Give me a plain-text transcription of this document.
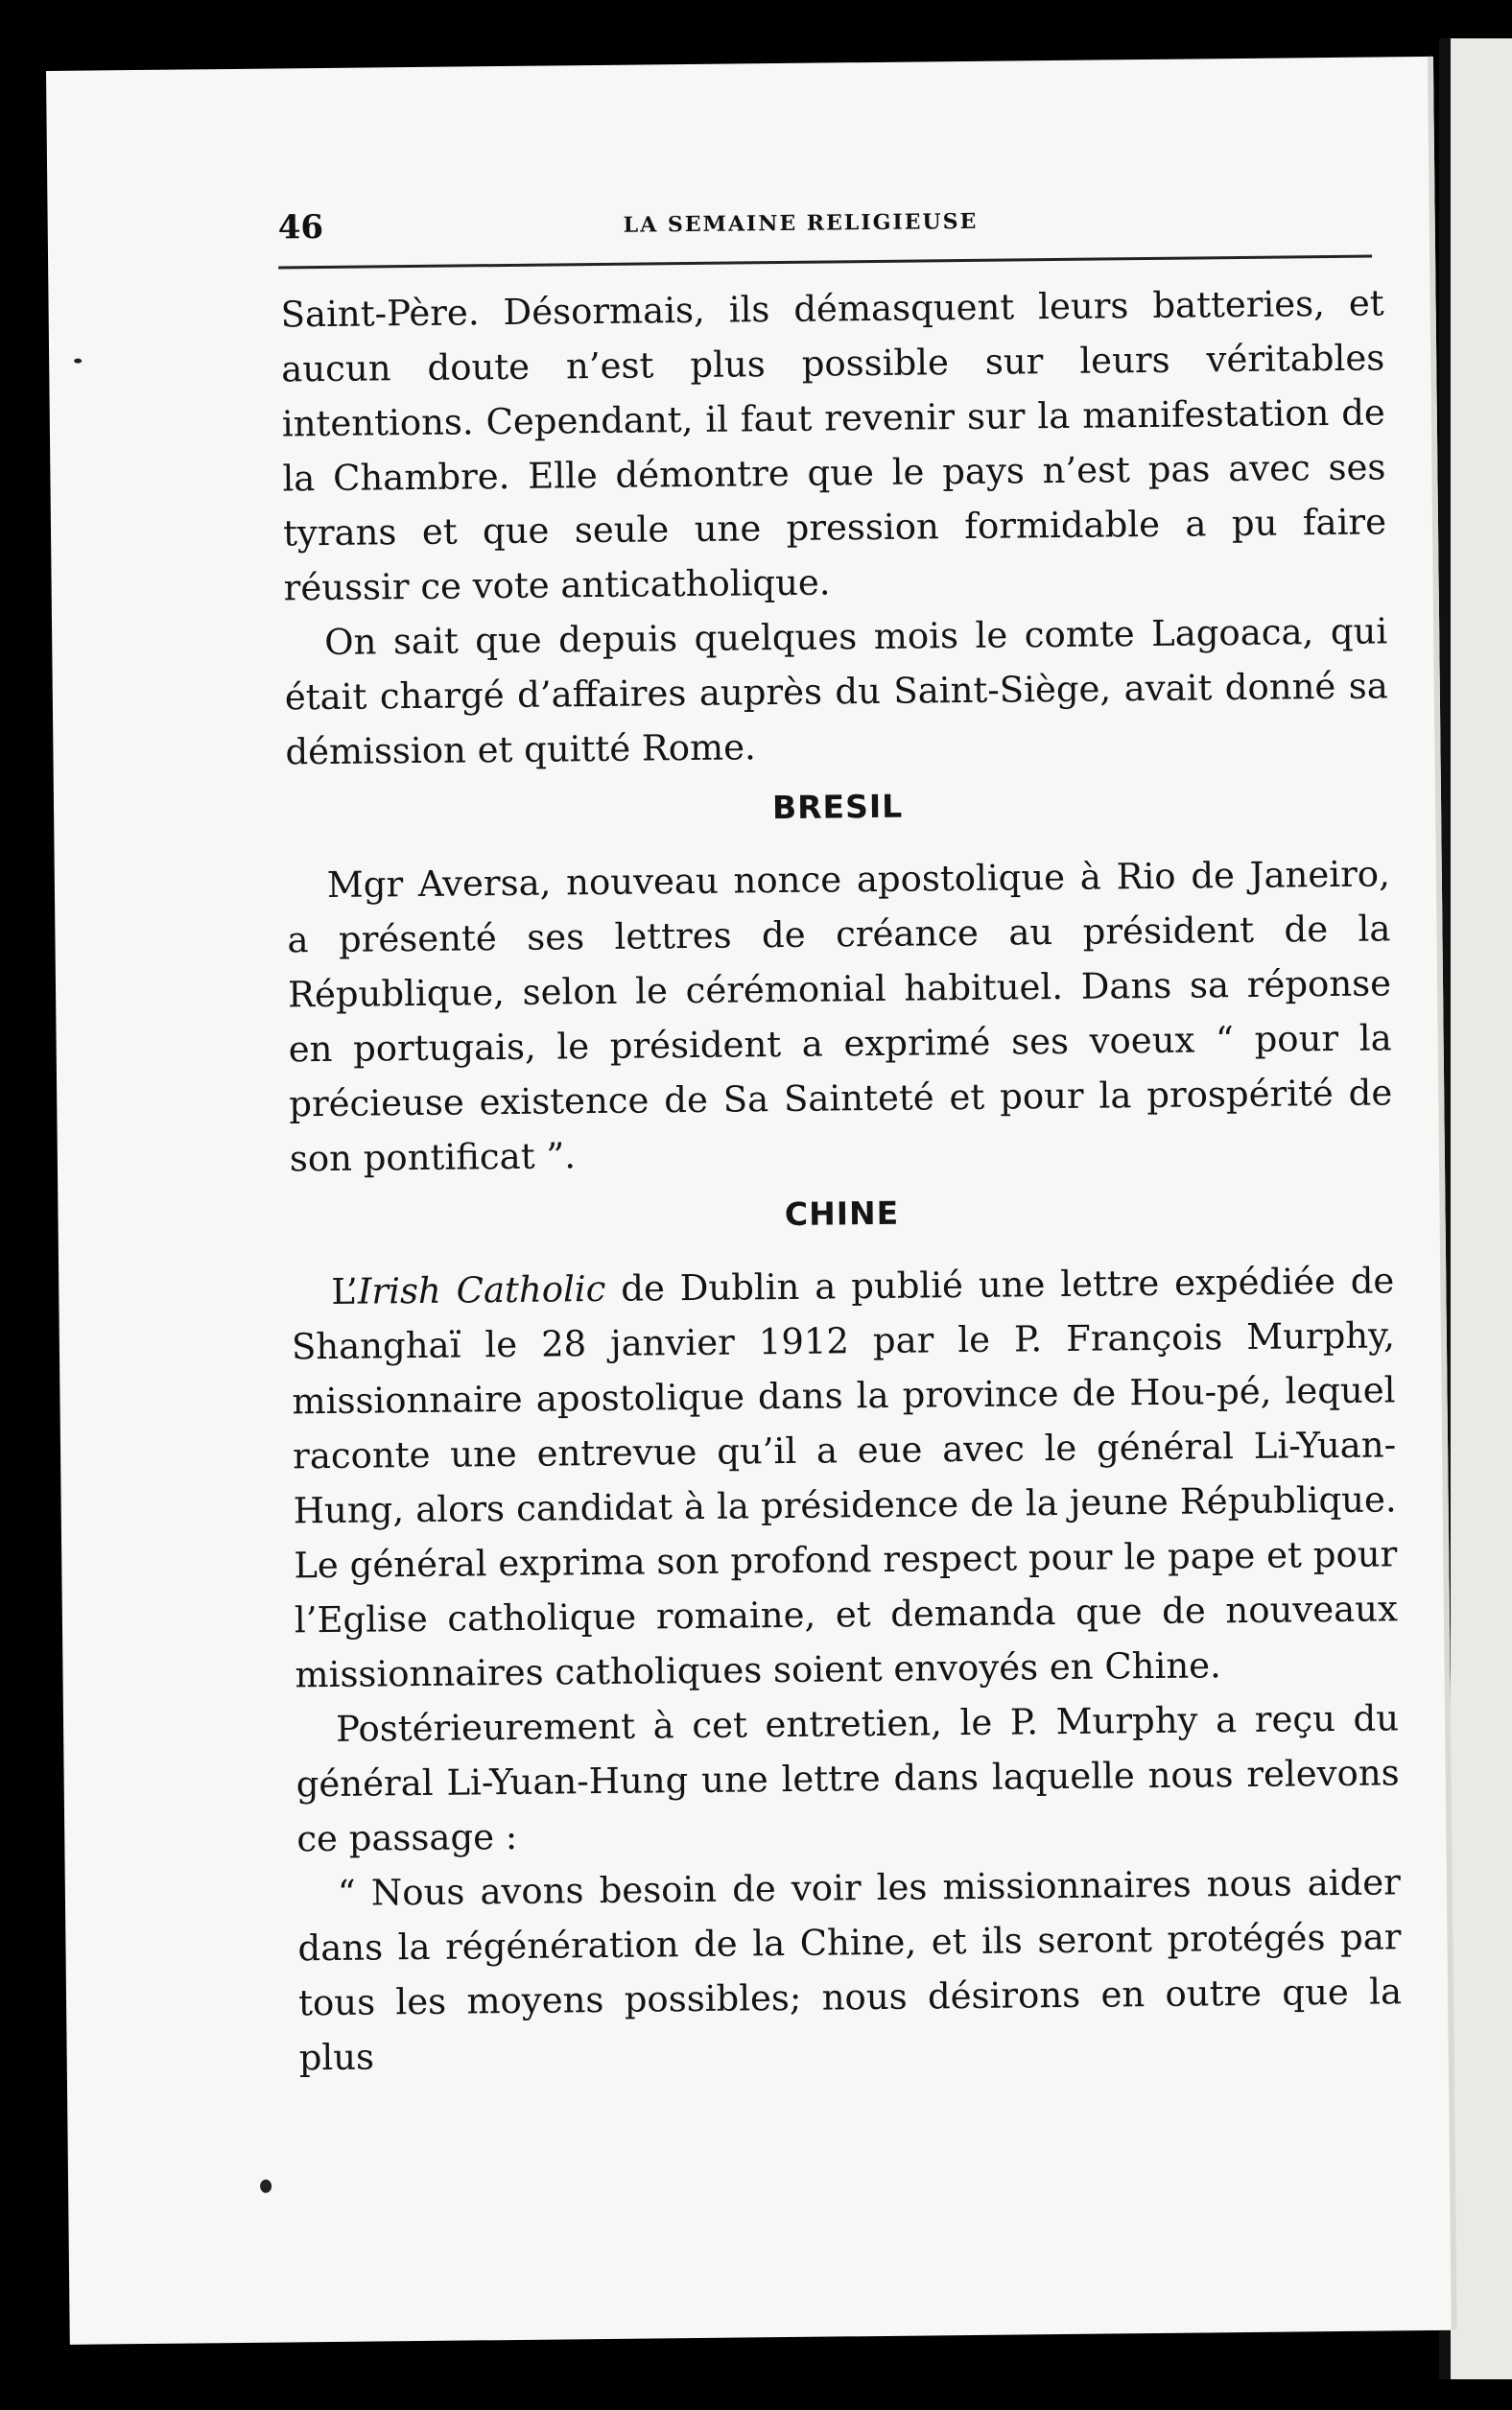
46	LA SEMAINE RELIGIEUSE

Saint-Père. Désormais, ils démasquent leurs batteries, et aucun doute n’est plus possible sur leurs véritables intentions. Cependant, il faut revenir sur la manifestation de la Chambre. Elle démontre que le pays n’est pas avec ses tyrans et que seule une pression formidable a pu faire réussir ce vote anticatholique.

On sait que depuis quelques mois le comte Lagoaca, qui était chargé d’affaires auprès du Saint-Siège, avait donné sa démission et quitté Rome.

BRESIL

Mgr Aversa, nouveau nonce apostolique à Rio de Janeiro, a présenté ses lettres de créance au président de la République, selon le cérémonial habituel. Dans sa réponse en portugais, le président a exprimé ses voeux “ pour la précieuse existence de Sa Sainteté et pour la prospérité de son pontificat ”.

CHINE

L’Irish Catholic de Dublin a publié une lettre expédiée de Shanghaï le 28 janvier 1912 par le P. François Murphy, missionnaire apostolique dans la province de Hou-pé, lequel raconte une entrevue qu’il a eue avec le général Li-Yuan-Hung, alors candidat à la présidence de la jeune République. Le général exprima son profond respect pour le pape et pour l’Eglise catholique romaine, et demanda que de nouveaux missionnaires catholiques soient envoyés en Chine.

Postérieurement à cet entretien, le P. Murphy a reçu du général Li-Yuan-Hung une lettre dans laquelle nous relevons ce passage :

“ Nous avons besoin de voir les missionnaires nous aider dans la régénération de la Chine, et ils seront protégés par tous les moyens possibles; nous désirons en outre que la plus
